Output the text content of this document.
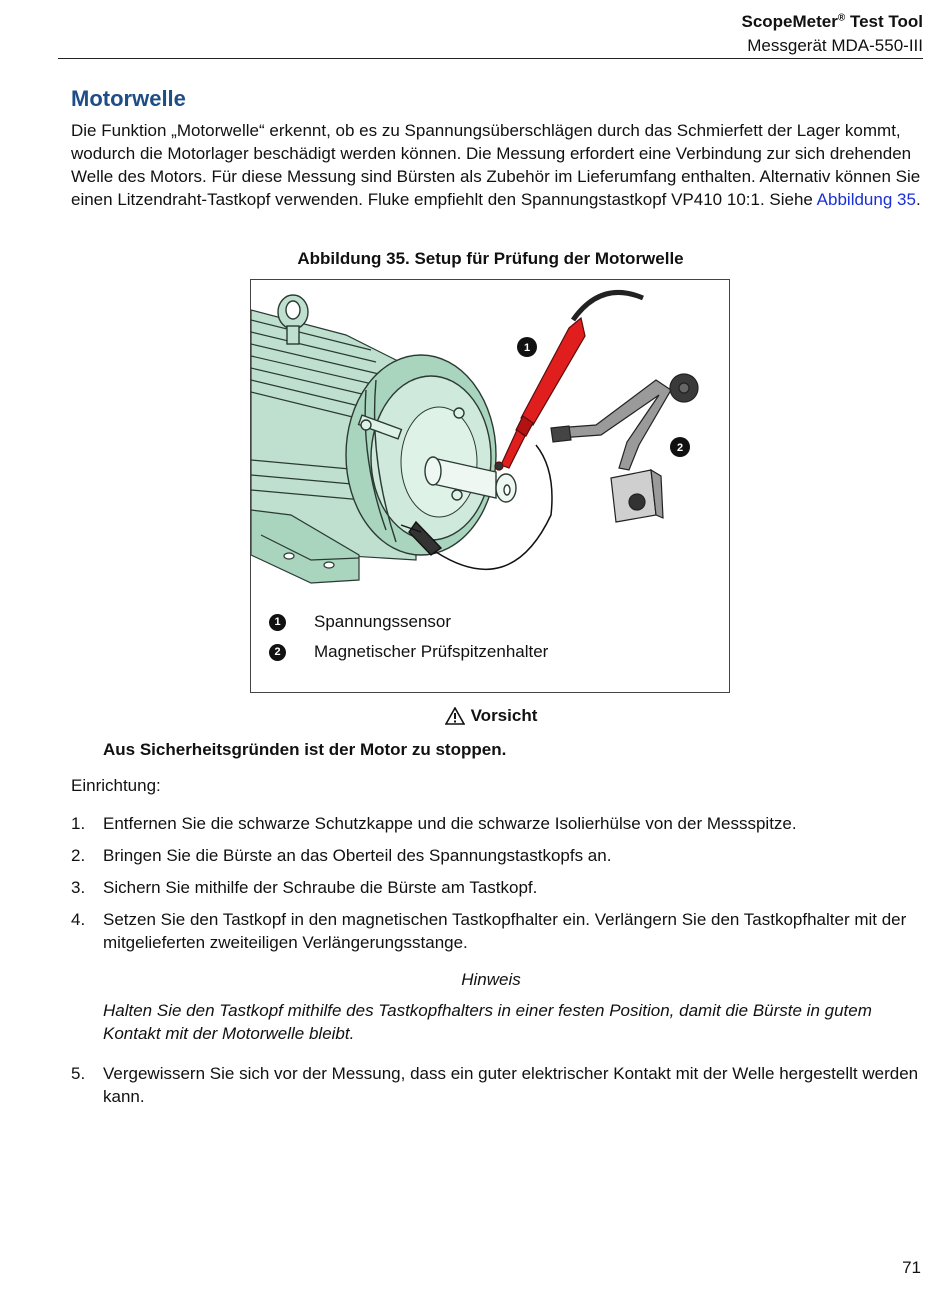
ScopeMeter® Test Tool
Messgerät MDA-550-III
Motorwelle
Die Funktion „Motorwelle“ erkennt, ob es zu Spannungsüberschlägen durch das Schmierfett der Lager kommt, wodurch die Motorlager beschädigt werden können. Die Messung erfordert eine Verbindung zur sich drehenden Welle des Motors. Für diese Messung sind Bürsten als Zubehör im Lieferumfang enthalten. Alternativ können Sie einen Litzendraht-Tastkopf verwenden. Fluke empfiehlt den Spannungstastkopf VP410 10:1. Siehe Abbildung 35.
Abbildung 35. Setup für Prüfung der Motorwelle
1
2
1	Spannungssensor
2	Magnetischer Prüfspitzenhalter
Vorsicht
Aus Sicherheitsgründen ist der Motor zu stoppen.
Einrichtung:
1. Entfernen Sie die schwarze Schutzkappe und die schwarze Isolierhülse von der Messspitze.
2. Bringen Sie die Bürste an das Oberteil des Spannungstastkopfs an.
3. Sichern Sie mithilfe der Schraube die Bürste am Tastkopf.
4. Setzen Sie den Tastkopf in den magnetischen Tastkopfhalter ein. Verlängern Sie den Tastkopfhalter mit der mitgelieferten zweiteiligen Verlängerungsstange.
Hinweis
Halten Sie den Tastkopf mithilfe des Tastkopfhalters in einer festen Position, damit die Bürste in gutem Kontakt mit der Motorwelle bleibt.
5. Vergewissern Sie sich vor der Messung, dass ein guter elektrischer Kontakt mit der Welle hergestellt werden kann.
71
